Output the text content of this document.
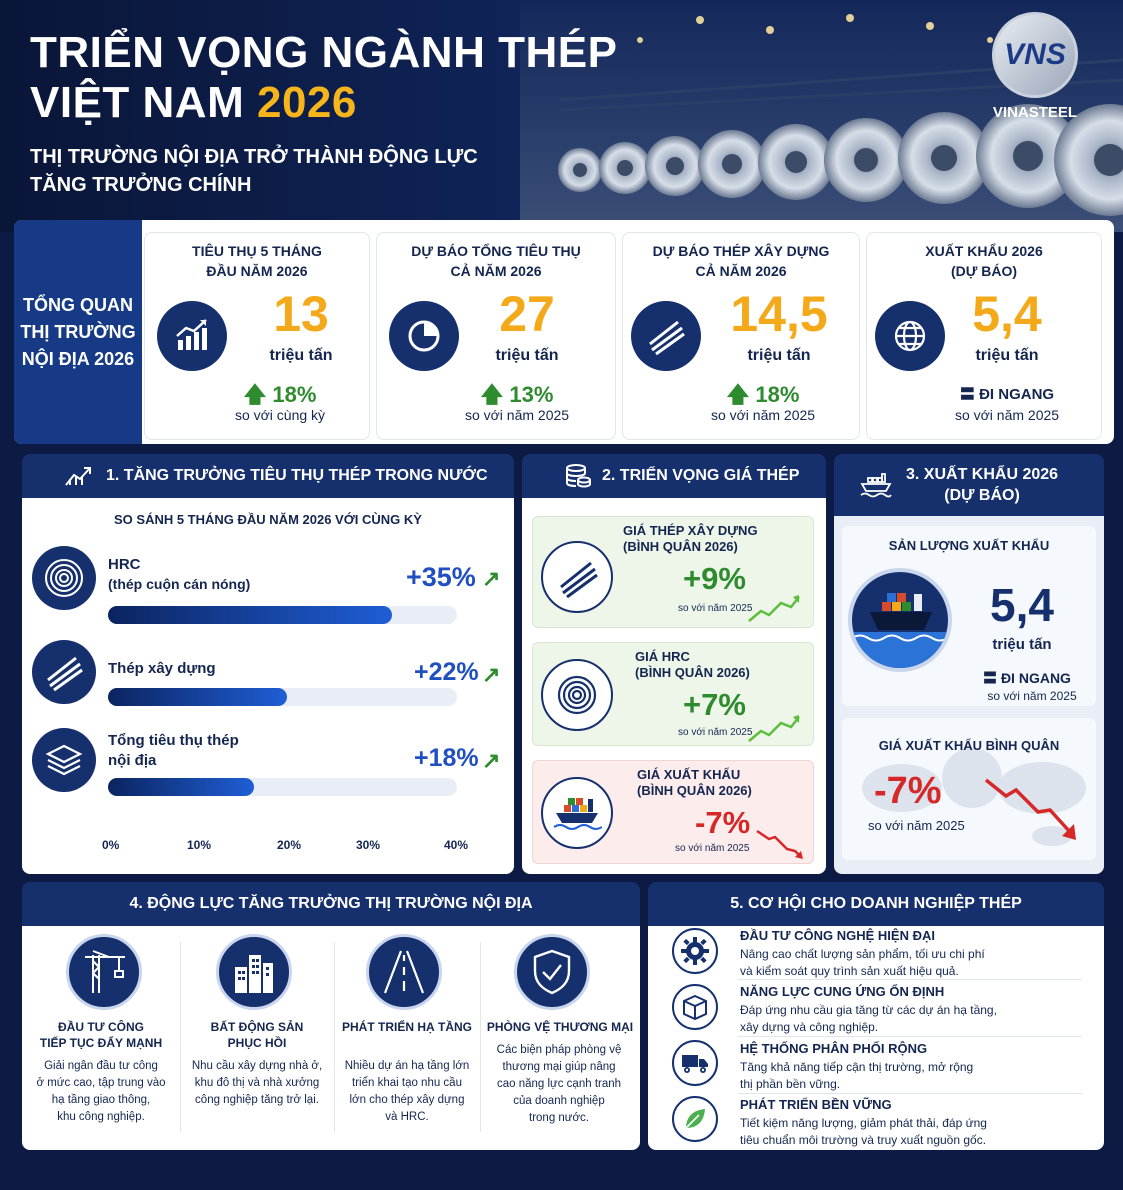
TRIỂN VỌNG NGÀNH THÉP
VIỆT NAM 2026
THỊ TRƯỜNG NỘI ĐỊA TRỞ THÀNH ĐỘNG LỰC
TĂNG TRƯỞNG CHÍNH
VNS
VINASTEEL
TỔNG QUAN
THỊ TRƯỜNG
NỘI ĐỊA 2026
TIÊU THỤ 5 THÁNG
ĐẦU NĂM 2026
13
triệu tấn
🡅 18%
so với cùng kỳ
DỰ BÁO TỔNG TIÊU THỤ
CẢ NĂM 2026
27
triệu tấn
🡅 13%
so với năm 2025
DỰ BÁO THÉP XÂY DỰNG
CẢ NĂM 2026
14,5
triệu tấn
🡅 18%
so với năm 2025
XUẤT KHẨU 2026
(DỰ BÁO)
5,4
triệu tấn
〓 ĐI NGANG
so với năm 2025
1. TĂNG TRƯỞNG TIÊU THỤ THÉP TRONG NƯỚC
SO SÁNH 5 THÁNG ĐẦU NĂM 2026 VỚI CÙNG KỲ
HRC
(thép cuộn cán nóng)	+35% ↗
Thép xây dựng	+22% ↗
Tổng tiêu thụ thép
nội địa	+18% ↗
0%	10%	20%	30%	40%
2. TRIỂN VỌNG GIÁ THÉP
GIÁ THÉP XÂY DỰNG
(BÌNH QUÂN 2026)
+9%
so với năm 2025
GIÁ HRC
(BÌNH QUÂN 2026)
+7%
so với năm 2025
GIÁ XUẤT KHẨU
(BÌNH QUÂN 2026)
-7%
so với năm 2025
3. XUẤT KHẨU 2026
(DỰ BÁO)
SẢN LƯỢNG XUẤT KHẨU
5,4
triệu tấn
〓 ĐI NGANG
so với năm 2025
GIÁ XUẤT KHẨU BÌNH QUÂN
-7%
so với năm 2025
4. ĐỘNG LỰC TĂNG TRƯỞNG THỊ TRƯỜNG NỘI ĐỊA
ĐẦU TƯ CÔNG
TIẾP TỤC ĐẨY MẠNH
Giải ngân đầu tư công
ở mức cao, tập trung vào
hạ tầng giao thông,
khu công nghiệp.
BẤT ĐỘNG SẢN
PHỤC HỒI
Nhu cầu xây dựng nhà ở,
khu đô thị và nhà xưởng
công nghiệp tăng trở lại.
PHÁT TRIỂN HẠ TẦNG
Nhiều dự án hạ tầng lớn
triển khai tạo nhu cầu
lớn cho thép xây dựng
và HRC.
PHÒNG VỆ THƯƠNG MẠI
Các biện pháp phòng vệ
thương mại giúp nâng
cao năng lực cạnh tranh
của doanh nghiệp
trong nước.
5. CƠ HỘI CHO DOANH NGHIỆP THÉP
ĐẦU TƯ CÔNG NGHỆ HIỆN ĐẠI
Nâng cao chất lượng sản phẩm, tối ưu chi phí
và kiểm soát quy trình sản xuất hiệu quả.
NĂNG LỰC CUNG ỨNG ỔN ĐỊNH
Đáp ứng nhu cầu gia tăng từ các dự án hạ tầng,
xây dựng và công nghiệp.
HỆ THỐNG PHÂN PHỐI RỘNG
Tăng khả năng tiếp cận thị trường, mở rộng
thị phần bền vững.
PHÁT TRIỂN BỀN VỮNG
Tiết kiệm năng lượng, giảm phát thải, đáp ứng
tiêu chuẩn môi trường và truy xuất nguồn gốc.
